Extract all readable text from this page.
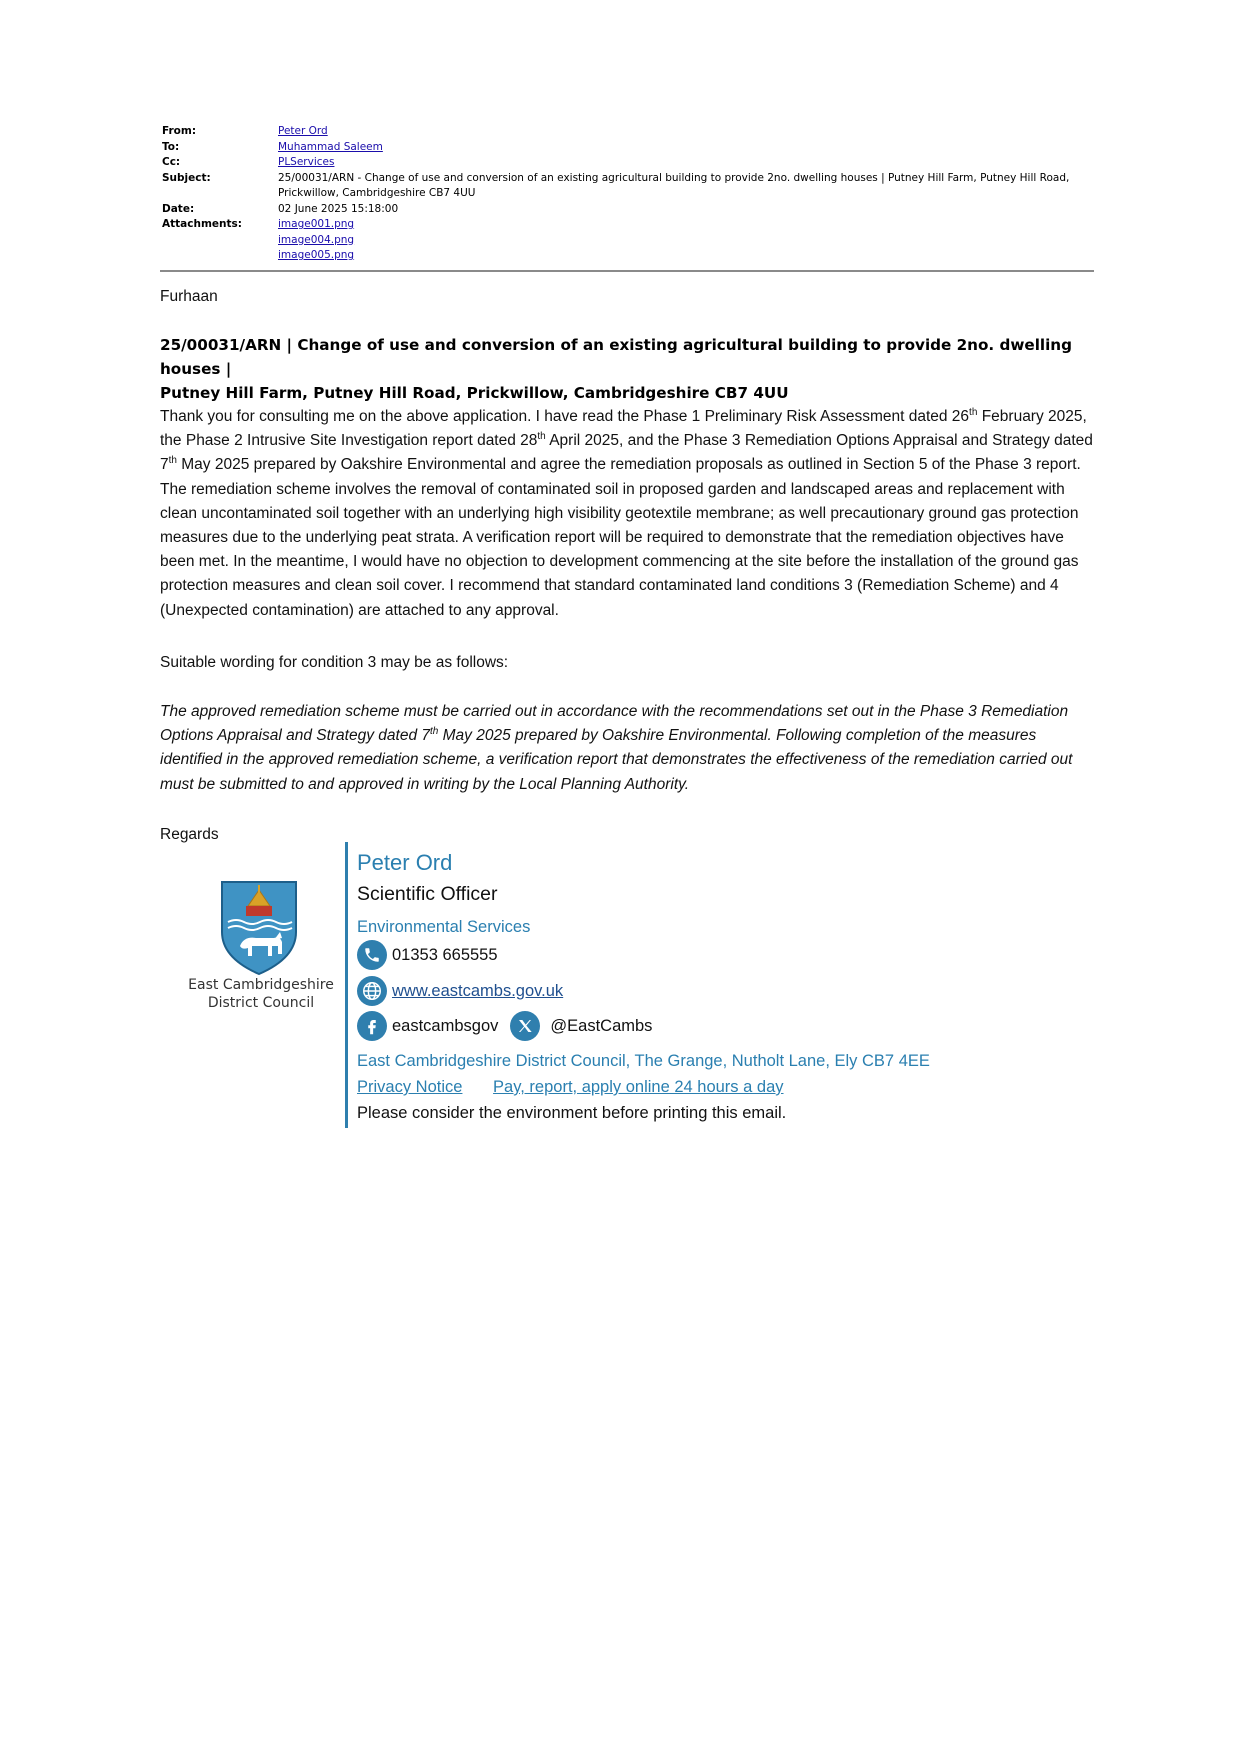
From:	Peter Ord
To:	Muhammad Saleem
Cc:	PLServices
Subject:	25/00031/ARN - Change of use and conversion of an existing agricultural building to provide 2no. dwelling houses | Putney Hill Farm, Putney Hill Road,
Prickwillow, Cambridgeshire CB7 4UU
Date:	02 June 2025 15:18:00
Attachments:	image001.png
image004.png
image005.png
Furhaan
25/00031/ARN | Change of use and conversion of an existing agricultural building to provide 2no. dwelling houses |
Putney Hill Farm, Putney Hill Road, Prickwillow, Cambridgeshire CB7 4UU
Thank you for consulting me on the above application. I have read the Phase 1 Preliminary Risk Assessment dated 26th February 2025, the Phase 2 Intrusive Site Investigation report dated 28th April 2025, and the Phase 3 Remediation Options Appraisal and Strategy dated 7th May 2025 prepared by Oakshire Environmental and agree the remediation proposals as outlined in Section 5 of the Phase 3 report. The remediation scheme involves the removal of contaminated soil in proposed garden and landscaped areas and replacement with clean uncontaminated soil together with an underlying high visibility geotextile membrane; as well precautionary ground gas protection measures due to the underlying peat strata. A verification report will be required to demonstrate that the remediation objectives have been met. In the meantime, I would have no objection to development commencing at the site before the installation of the ground gas protection measures and clean soil cover. I recommend that standard contaminated land conditions 3 (Remediation Scheme) and 4 (Unexpected contamination) are attached to any approval.
Suitable wording for condition 3 may be as follows:
The approved remediation scheme must be carried out in accordance with the recommendations set out in the Phase 3 Remediation Options Appraisal and Strategy dated 7th May 2025 prepared by Oakshire Environmental. Following completion of the measures identified in the approved remediation scheme, a verification report that demonstrates the effectiveness of the remediation carried out must be submitted to and approved in writing by the Local Planning Authority.
Regards
East Cambridgeshire
District Council
Peter Ord
Scientific Officer
Environmental Services
01353 665555
www.eastcambs.gov.uk
eastcambsgov	@EastCambs
East Cambridgeshire District Council, The Grange, Nutholt Lane, Ely CB7 4EE
Privacy Notice Pay, report, apply online 24 hours a day
Please consider the environment before printing this email.
